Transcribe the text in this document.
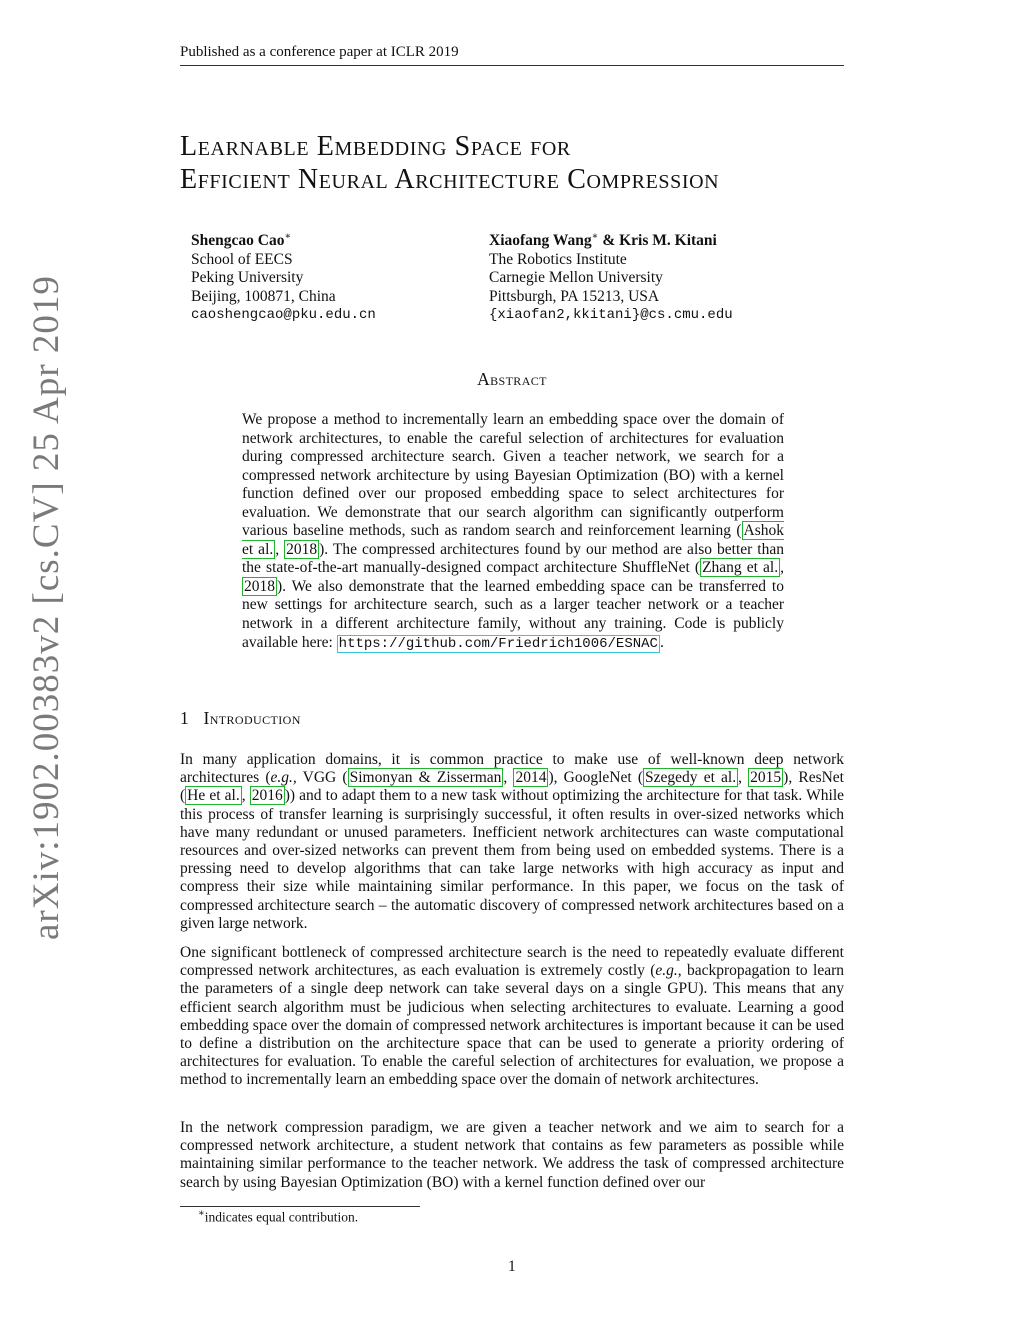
Published as a conference paper at ICLR 2019
arXiv:1902.00383v2 [cs.CV] 25 Apr 2019
Learnable Embedding Space for
Efficient Neural Architecture Compression
Shengcao Cao∗
School of EECS
Peking University
Beijing, 100871, China
caoshengcao@pku.edu.cn
Xiaofang Wang∗ & Kris M. Kitani
The Robotics Institute
Carnegie Mellon University
Pittsburgh, PA 15213, USA
{xiaofan2,kkitani}@cs.cmu.edu
Abstract
We propose a method to incrementally learn an embedding space over the domain of network architectures, to enable the careful selection of architectures for evaluation during compressed architecture search. Given a teacher network, we search for a compressed network architecture by using Bayesian Optimization (BO) with a kernel function defined over our proposed embedding space to select architectures for evaluation. We demonstrate that our search algorithm can significantly outperform various baseline methods, such as random search and reinforcement learning ( Ashok et al. , 2018 ). The compressed architectures found by our method are also better than the state-of-the-art manually-designed compact architecture ShuffleNet ( Zhang et al. , 2018 ). We also demonstrate that the learned embedding space can be transferred to new settings for architecture search, such as a larger teacher network or a teacher network in a different architecture family, without any training. Code is publicly available here: https://github.com/Friedrich1006/ESNAC .
1 Introduction
In many application domains, it is common practice to make use of well-known deep network architectures (e.g., VGG ( Simonyan & Zisserman , 2014 ), GoogleNet ( Szegedy et al. , 2015 ), ResNet ( He et al. , 2016 )) and to adapt them to a new task without optimizing the architecture for that task. While this process of transfer learning is surprisingly successful, it often results in over-sized networks which have many redundant or unused parameters. Inefficient network architectures can waste computational resources and over-sized networks can prevent them from being used on embedded systems. There is a pressing need to develop algorithms that can take large networks with high accuracy as input and compress their size while maintaining similar performance. In this paper, we focus on the task of compressed architecture search – the automatic discovery of compressed network architectures based on a given large network.
One significant bottleneck of compressed architecture search is the need to repeatedly evaluate different compressed network architectures, as each evaluation is extremely costly (e.g., backpropagation to learn the parameters of a single deep network can take several days on a single GPU). This means that any efficient search algorithm must be judicious when selecting architectures to evaluate. Learning a good embedding space over the domain of compressed network architectures is important because it can be used to define a distribution on the architecture space that can be used to generate a priority ordering of architectures for evaluation. To enable the careful selection of architectures for evaluation, we propose a method to incrementally learn an embedding space over the domain of network architectures.
In the network compression paradigm, we are given a teacher network and we aim to search for a compressed network architecture, a student network that contains as few parameters as possible while maintaining similar performance to the teacher network. We address the task of compressed architecture search by using Bayesian Optimization (BO) with a kernel function defined over our
∗indicates equal contribution.
1
